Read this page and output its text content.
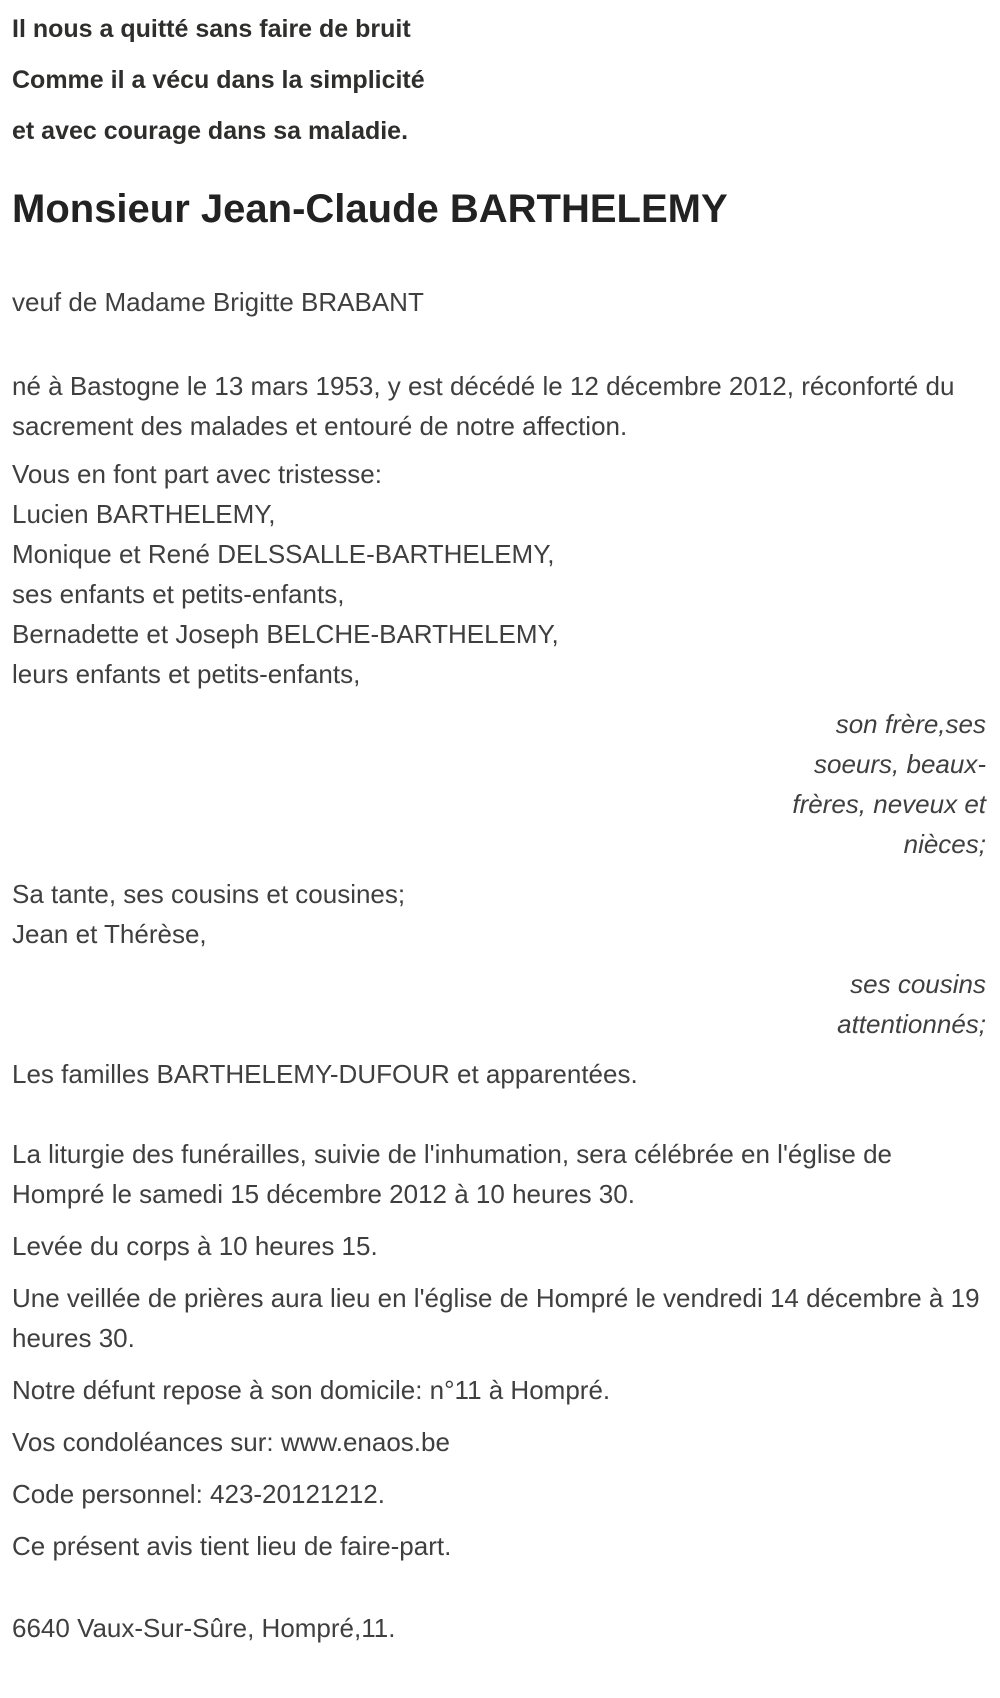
Il nous a quitté sans faire de bruit

Comme il a vécu dans la simplicité

et avec courage dans sa maladie.

Monsieur Jean-Claude BARTHELEMY

veuf de Madame Brigitte BRABANT

né à Bastogne le 13 mars 1953, y est décédé le 12 décembre 2012, réconforté du sacrement des malades et entouré de notre affection.

Vous en font part avec tristesse:
Lucien BARTHELEMY,
Monique et René DELSSALLE-BARTHELEMY,
ses enfants et petits-enfants,
Bernadette et Joseph BELCHE-BARTHELEMY,
leurs enfants et petits-enfants,
son frère,ses soeurs, beaux-frères, neveux et nièces;
Sa tante, ses cousins et cousines;
Jean et Thérèse,
ses cousins attentionnés;

Les familles BARTHELEMY-DUFOUR et apparentées.

La liturgie des funérailles, suivie de l'inhumation, sera célébrée en l'église de Hompré le samedi 15 décembre 2012 à 10 heures 30.

Levée du corps à 10 heures 15.

Une veillée de prières aura lieu en l'église de Hompré le vendredi 14 décembre à 19 heures 30.

Notre défunt repose à son domicile: n°11 à Hompré.

Vos condoléances sur: www.enaos.be

Code personnel: 423-20121212.

Ce présent avis tient lieu de faire-part.

6640 Vaux-Sur-Sûre, Hompré,11.
